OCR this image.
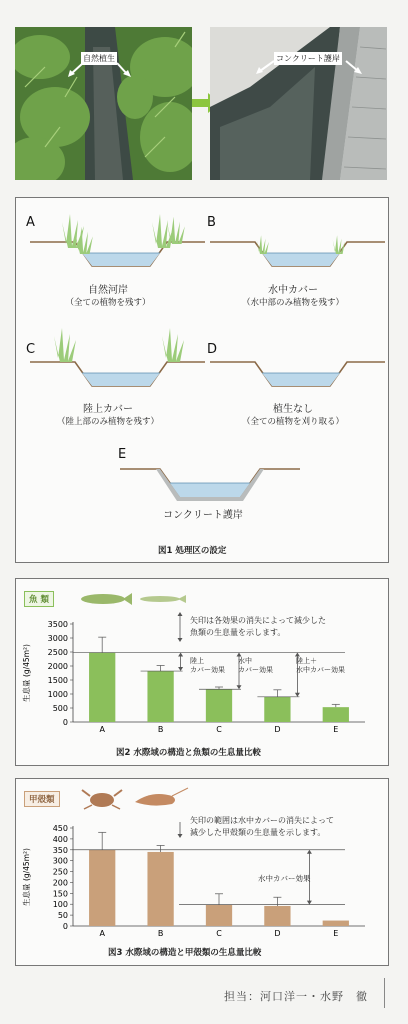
自然植生	コンクリート護岸
A	B
C	D
E
自然河岸
（全ての植物を残す）
水中カバー
（水中部のみ植物を残す）
陸上カバー
（陸上部のみ植物を残す）
植生なし
（全ての植物を刈り取る）
コンクリート護岸
図1 処理区の設定
魚 類
矢印は各効果の消失によって減少した
魚類の生息量を示します。
生息量 (g/45m²)
0
500
1000
1500
2000
2500
3000
3500
A	B	C	D	E
陸上
カバー効果
水中
カバー効果
陸上＋
水中カバー効果
図2 水際域の構造と魚類の生息量比較
甲殻類
矢印の範囲は水中カバーの消失によって
減少した甲殻類の生息量を示します。
生息量 (g/45m²)
0
50
100
150
200
250
300
350
400
450
A	B	C	D	E
水中カバー効果
図3 水際域の構造と甲殻類の生息量比較
担当：河口洋一・水野　徹
